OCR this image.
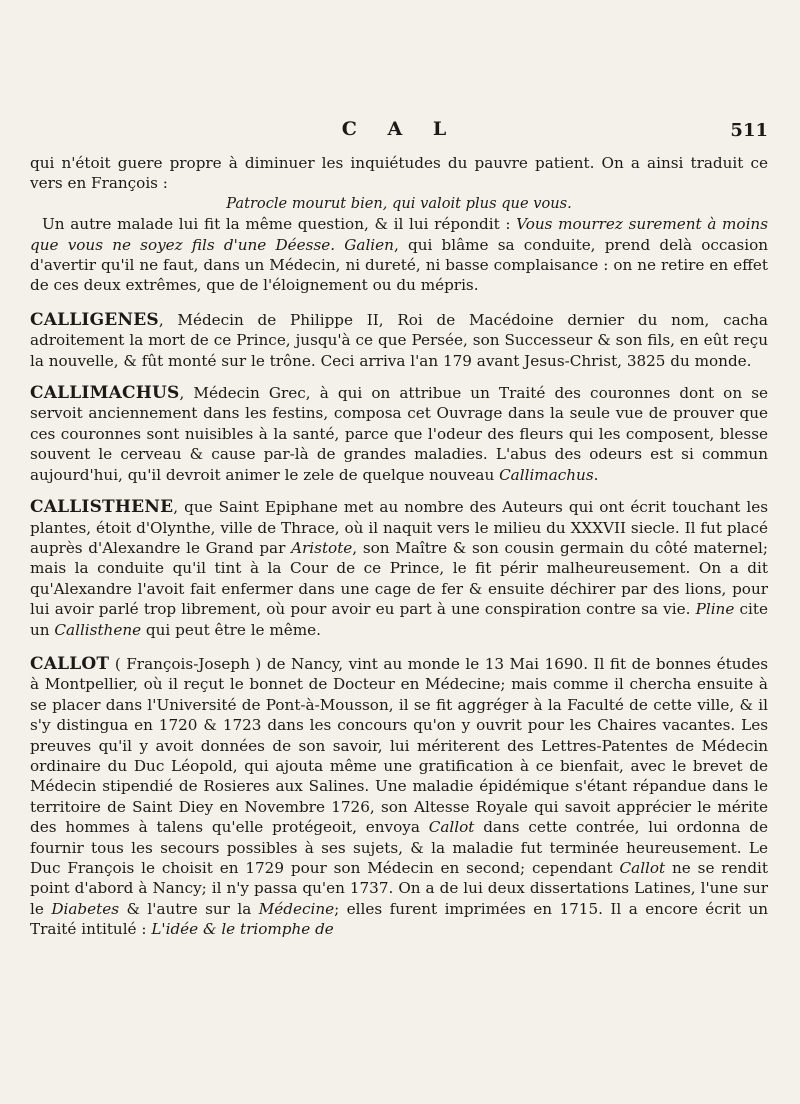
C A L	511

qui n'étoit guere propre à diminuer les inquiétudes du pauvre patient. On a ainsi traduit ce vers en François :

Patrocle mourut bien, qui valoit plus que vous.

Un autre malade lui fit la même question, & il lui répondit : Vous mourrez surement à moins que vous ne soyez fils d'une Déesse. Galien, qui blâme sa conduite, prend delà occasion d'avertir qu'il ne faut, dans un Médecin, ni dureté, ni basse complaisance : on ne retire en effet de ces deux extrêmes, que de l'éloignement ou du mépris.

CALLIGENES, Médecin de Philippe II, Roi de Macédoine dernier du nom, cacha adroitement la mort de ce Prince, jusqu'à ce que Persée, son Successeur & son fils, en eût reçu la nouvelle, & fût monté sur le trône. Ceci arriva l'an 179 avant Jesus-Christ, 3825 du monde.

CALLIMACHUS, Médecin Grec, à qui on attribue un Traité des couronnes dont on se servoit anciennement dans les festins, composa cet Ouvrage dans la seule vue de prouver que ces couronnes sont nuisibles à la santé, parce que l'odeur des fleurs qui les composent, blesse souvent le cerveau & cause par-là de grandes maladies. L'abus des odeurs est si commun aujourd'hui, qu'il devroit animer le zele de quelque nouveau Callimachus.

CALLISTHENE, que Saint Epiphane met au nombre des Auteurs qui ont écrit touchant les plantes, étoit d'Olynthe, ville de Thrace, où il naquit vers le milieu du XXXVII siecle. Il fut placé auprès d'Alexandre le Grand par Aristote, son Maître & son cousin germain du côté maternel; mais la conduite qu'il tint à la Cour de ce Prince, le fit périr malheureusement. On a dit qu'Alexandre l'avoit fait enfermer dans une cage de fer & ensuite déchirer par des lions, pour lui avoir parlé trop librement, où pour avoir eu part à une conspiration contre sa vie. Pline cite un Callisthene qui peut être le même.

CALLOT ( François-Joseph ) de Nancy, vint au monde le 13 Mai 1690. Il fit de bonnes études à Montpellier, où il reçut le bonnet de Docteur en Médecine; mais comme il chercha ensuite à se placer dans l'Université de Pont-à-Mousson, il se fit aggréger à la Faculté de cette ville, & il s'y distingua en 1720 & 1723 dans les concours qu'on y ouvrit pour les Chaires vacantes. Les preuves qu'il y avoit données de son savoir, lui mériterent des Lettres-Patentes de Médecin ordinaire du Duc Léopold, qui ajouta même une gratification à ce bienfait, avec le brevet de Médecin stipendié de Rosieres aux Salines. Une maladie épidémique s'étant répandue dans le territoire de Saint Diey en Novembre 1726, son Altesse Royale qui savoit apprécier le mérite des hommes à talens qu'elle protégeoit, envoya Callot dans cette contrée, lui ordonna de fournir tous les secours possibles à ses sujets, & la maladie fut terminée heureusement. Le Duc François le choisit en 1729 pour son Médecin en second; cependant Callot ne se rendit point d'abord à Nancy; il n'y passa qu'en 1737. On a de lui deux dissertations Latines, l'une sur le Diabetes & l'autre sur la Médecine; elles furent imprimées en 1715. Il a encore écrit un Traité intitulé : L'idée & le triomphe de
